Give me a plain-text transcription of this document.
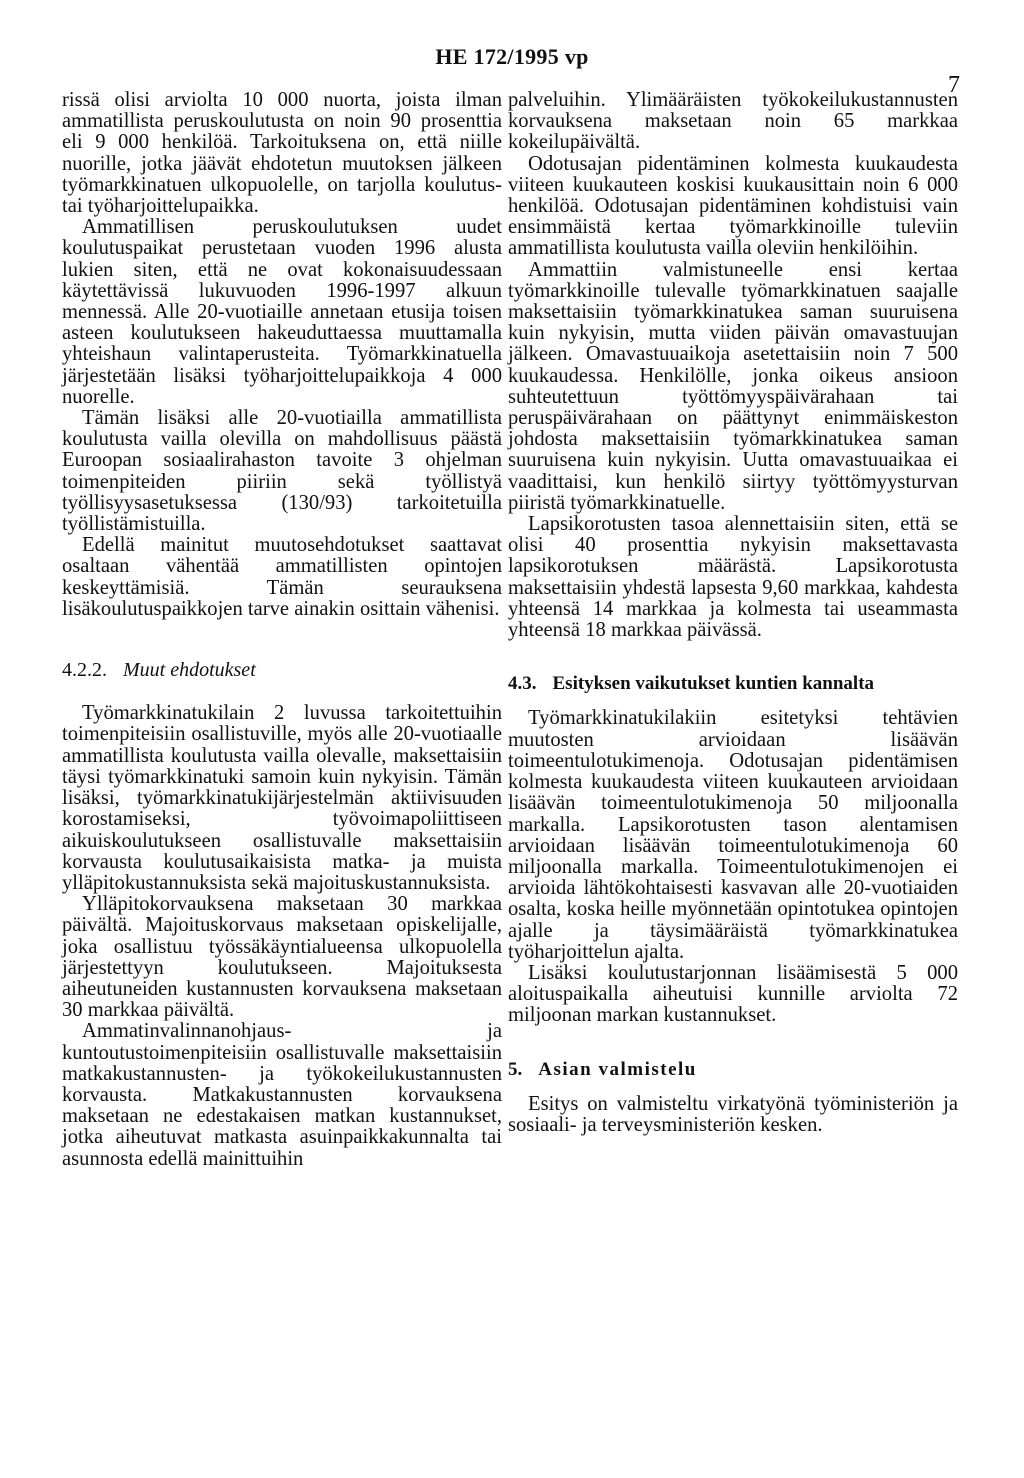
HE 172/1995 vp
7

rissä olisi arviolta 10 000 nuorta, joista ilman ammatillista peruskoulutusta on noin 90 prosenttia eli 9 000 henkilöä. Tarkoituksena on, että niille nuorille, jotka jäävät ehdotetun muutoksen jälkeen työmarkkinatuen ulkopuolelle, on tarjolla koulutus- tai työharjoittelupaikka.

Ammatillisen peruskoulutuksen uudet koulutuspaikat perustetaan vuoden 1996 alusta lukien siten, että ne ovat kokonaisuudessaan käytettävissä lukuvuoden 1996-1997 alkuun mennessä. Alle 20-vuotiaille annetaan etusija toisen asteen koulutukseen hakeuduttaessa muuttamalla yhteishaun valintaperusteita. Työmarkkinatuella järjestetään lisäksi työharjoittelupaikkoja 4 000 nuorelle.

Tämän lisäksi alle 20-vuotiailla ammatillista koulutusta vailla olevilla on mahdollisuus päästä Euroopan sosiaalirahaston tavoite 3 ohjelman toimenpiteiden piiriin sekä työllistyä työllisyysasetuksessa (130/93) tarkoitetuilla työllistämistuilla.

Edellä mainitut muutosehdotukset saattavat osaltaan vähentää ammatillisten opintojen keskeyttämisiä. Tämän seurauksena lisäkoulutuspaikkojen tarve ainakin osittain vähenisi.

4.2.2. Muut ehdotukset

Työmarkkinatukilain 2 luvussa tarkoitettuihin toimenpiteisiin osallistuville, myös alle 20-vuotiaalle ammatillista koulutusta vailla olevalle, maksettaisiin täysi työmarkkinatuki samoin kuin nykyisin. Tämän lisäksi, työmarkkinatukijärjestelmän aktiivisuuden korostamiseksi, työvoimapoliittiseen aikuiskoulutukseen osallistuvalle maksettaisiin korvausta koulutusaikaisista matka- ja muista ylläpitokustannuksista sekä majoituskustannuksista.

Ylläpitokorvauksena maksetaan 30 markkaa päivältä. Majoituskorvaus maksetaan opiskelijalle, joka osallistuu työssäkäyntialueensa ulkopuolella järjestettyyn koulutukseen. Majoituksesta aiheutuneiden kustannusten korvauksena maksetaan 30 markkaa päivältä.

Ammatinvalinnanohjaus- ja kuntoutustoimenpiteisiin osallistuvalle maksettaisiin matkakustannusten- ja työkokeilukustannusten korvausta. Matkakustannusten korvauksena maksetaan ne edestakaisen matkan kustannukset, jotka aiheutuvat matkasta asuinpaikkakunnalta tai asunnosta edellä mainittuihin

palveluihin. Ylimääräisten työkokeilukustannusten korvauksena maksetaan noin 65 markkaa kokeilupäivältä.

Odotusajan pidentäminen kolmesta kuukaudesta viiteen kuukauteen koskisi kuukausittain noin 6 000 henkilöä. Odotusajan pidentäminen kohdistuisi vain ensimmäistä kertaa työmarkkinoille tuleviin ammatillista koulutusta vailla oleviin henkilöihin.

Ammattiin valmistuneelle ensi kertaa työmarkkinoille tulevalle työmarkkinatuen saajalle maksettaisiin työmarkkinatukea saman suuruisena kuin nykyisin, mutta viiden päivän omavastuujan jälkeen. Omavastuuaikoja asetettaisiin noin 7 500 kuukaudessa. Henkilölle, jonka oikeus ansioon suhteutettuun työttömyyspäivärahaan tai peruspäivärahaan on päättynyt enimmäiskeston johdosta maksettaisiin työmarkkinatukea saman suuruisena kuin nykyisin. Uutta omavastuuaikaa ei vaadittaisi, kun henkilö siirtyy työttömyysturvan piiristä työmarkkinatuelle.

Lapsikorotusten tasoa alennettaisiin siten, että se olisi 40 prosenttia nykyisin maksettavasta lapsikorotuksen määrästä. Lapsikorotusta maksettaisiin yhdestä lapsesta 9,60 markkaa, kahdesta yhteensä 14 markkaa ja kolmesta tai useammasta yhteensä 18 markkaa päivässä.

4.3. Esityksen vaikutukset kuntien kannalta

Työmarkkinatukilakiin esitetyksi tehtävien muutosten arvioidaan lisäävän toimeentulotukimenoja. Odotusajan pidentämisen kolmesta kuukaudesta viiteen kuukauteen arvioidaan lisäävän toimeentulotukimenoja 50 miljoonalla markalla. Lapsikorotusten tason alentamisen arvioidaan lisäävän toimeentulotukimenoja 60 miljoonalla markalla. Toimeentulotukimenojen ei arvioida lähtökohtaisesti kasvavan alle 20-vuotiaiden osalta, koska heille myönnetään opintotukea opintojen ajalle ja täysimääräistä työmarkkinatukea työharjoittelun ajalta.

Lisäksi koulutustarjonnan lisäämisestä 5 000 aloituspaikalla aiheutuisi kunnille arviolta 72 miljoonan markan kustannukset.

5. Asian valmistelu

Esitys on valmisteltu virkatyönä työministeriön ja sosiaali- ja terveysministeriön kesken.
